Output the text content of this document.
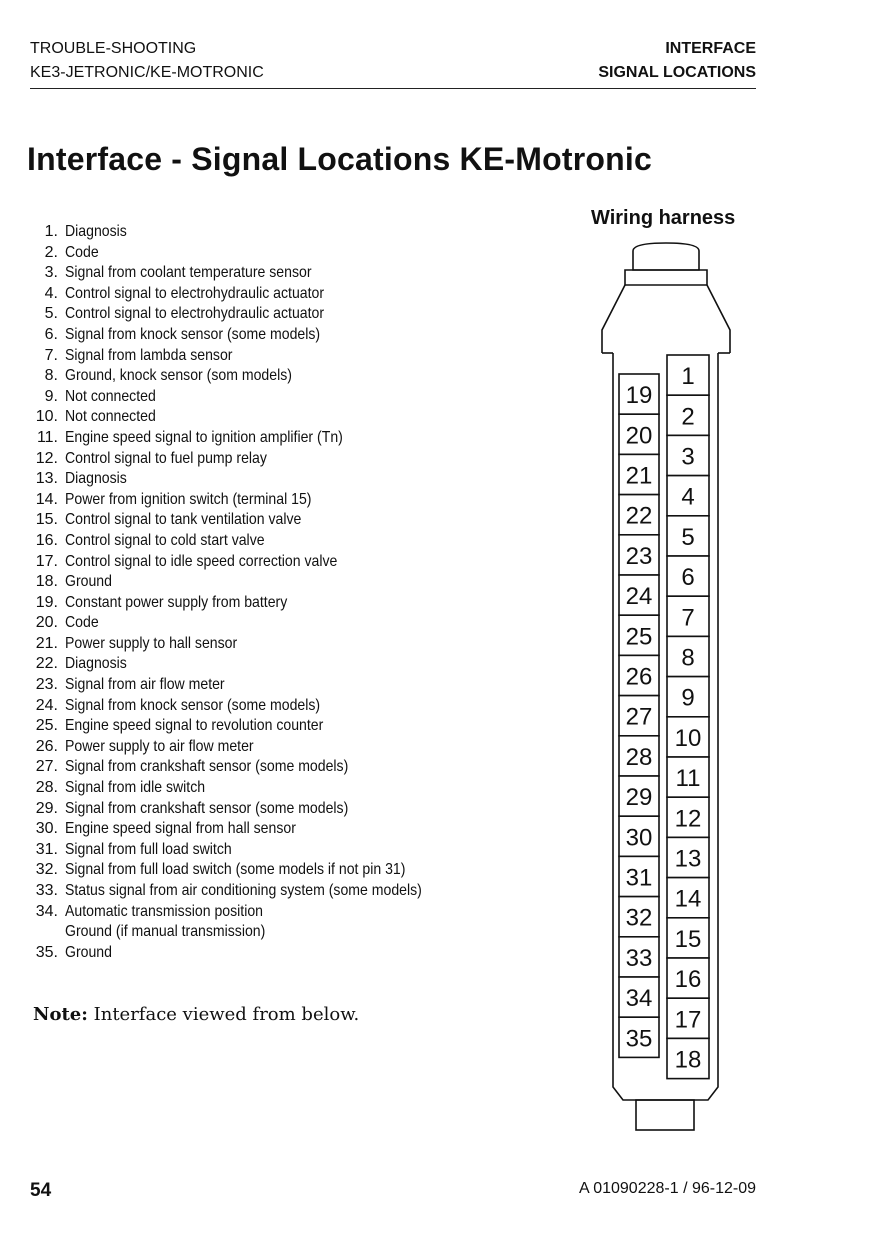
TROUBLE-SHOOTING
KE3-JETRONIC/KE-MOTRONIC
INTERFACE
SIGNAL LOCATIONS
Interface - Signal Locations KE-Motronic
1. Diagnosis
2. Code
3. Signal from coolant temperature sensor
4. Control signal to electrohydraulic actuator
5. Control signal to electrohydraulic actuator
6. Signal from knock sensor (some models)
7. Signal from lambda sensor
8. Ground, knock sensor (som models)
9. Not connected
10. Not connected
11. Engine speed signal to ignition amplifier (Tn)
12. Control signal to fuel pump relay
13. Diagnosis
14. Power from ignition switch (terminal 15)
15. Control signal to tank ventilation valve
16. Control signal to cold start valve
17. Control signal to idle speed correction valve
18. Ground
19. Constant power supply from battery
20. Code
21. Power supply to hall sensor
22. Diagnosis
23. Signal from air flow meter
24. Signal from knock sensor (some models)
25. Engine speed signal to revolution counter
26. Power supply to air flow meter
27. Signal from crankshaft sensor (some models)
28. Signal from idle switch
29. Signal from crankshaft sensor (some models)
30. Engine speed signal from hall sensor
31. Signal from full load switch
32. Signal from full load switch (some models if not pin 31)
33. Status signal from air conditioning system (some models)
34. Automatic transmission position
Ground (if manual transmission)
35. Ground
Note: Interface viewed from below.
Wiring harness
1
2
3
4
5
6
7
8
9
10
11
12
13
14
15
16
17
18
19
20
21
22
23
24
25
26
27
28
29
30
31
32
33
34
35
54	A 01090228-1 / 96-12-09
